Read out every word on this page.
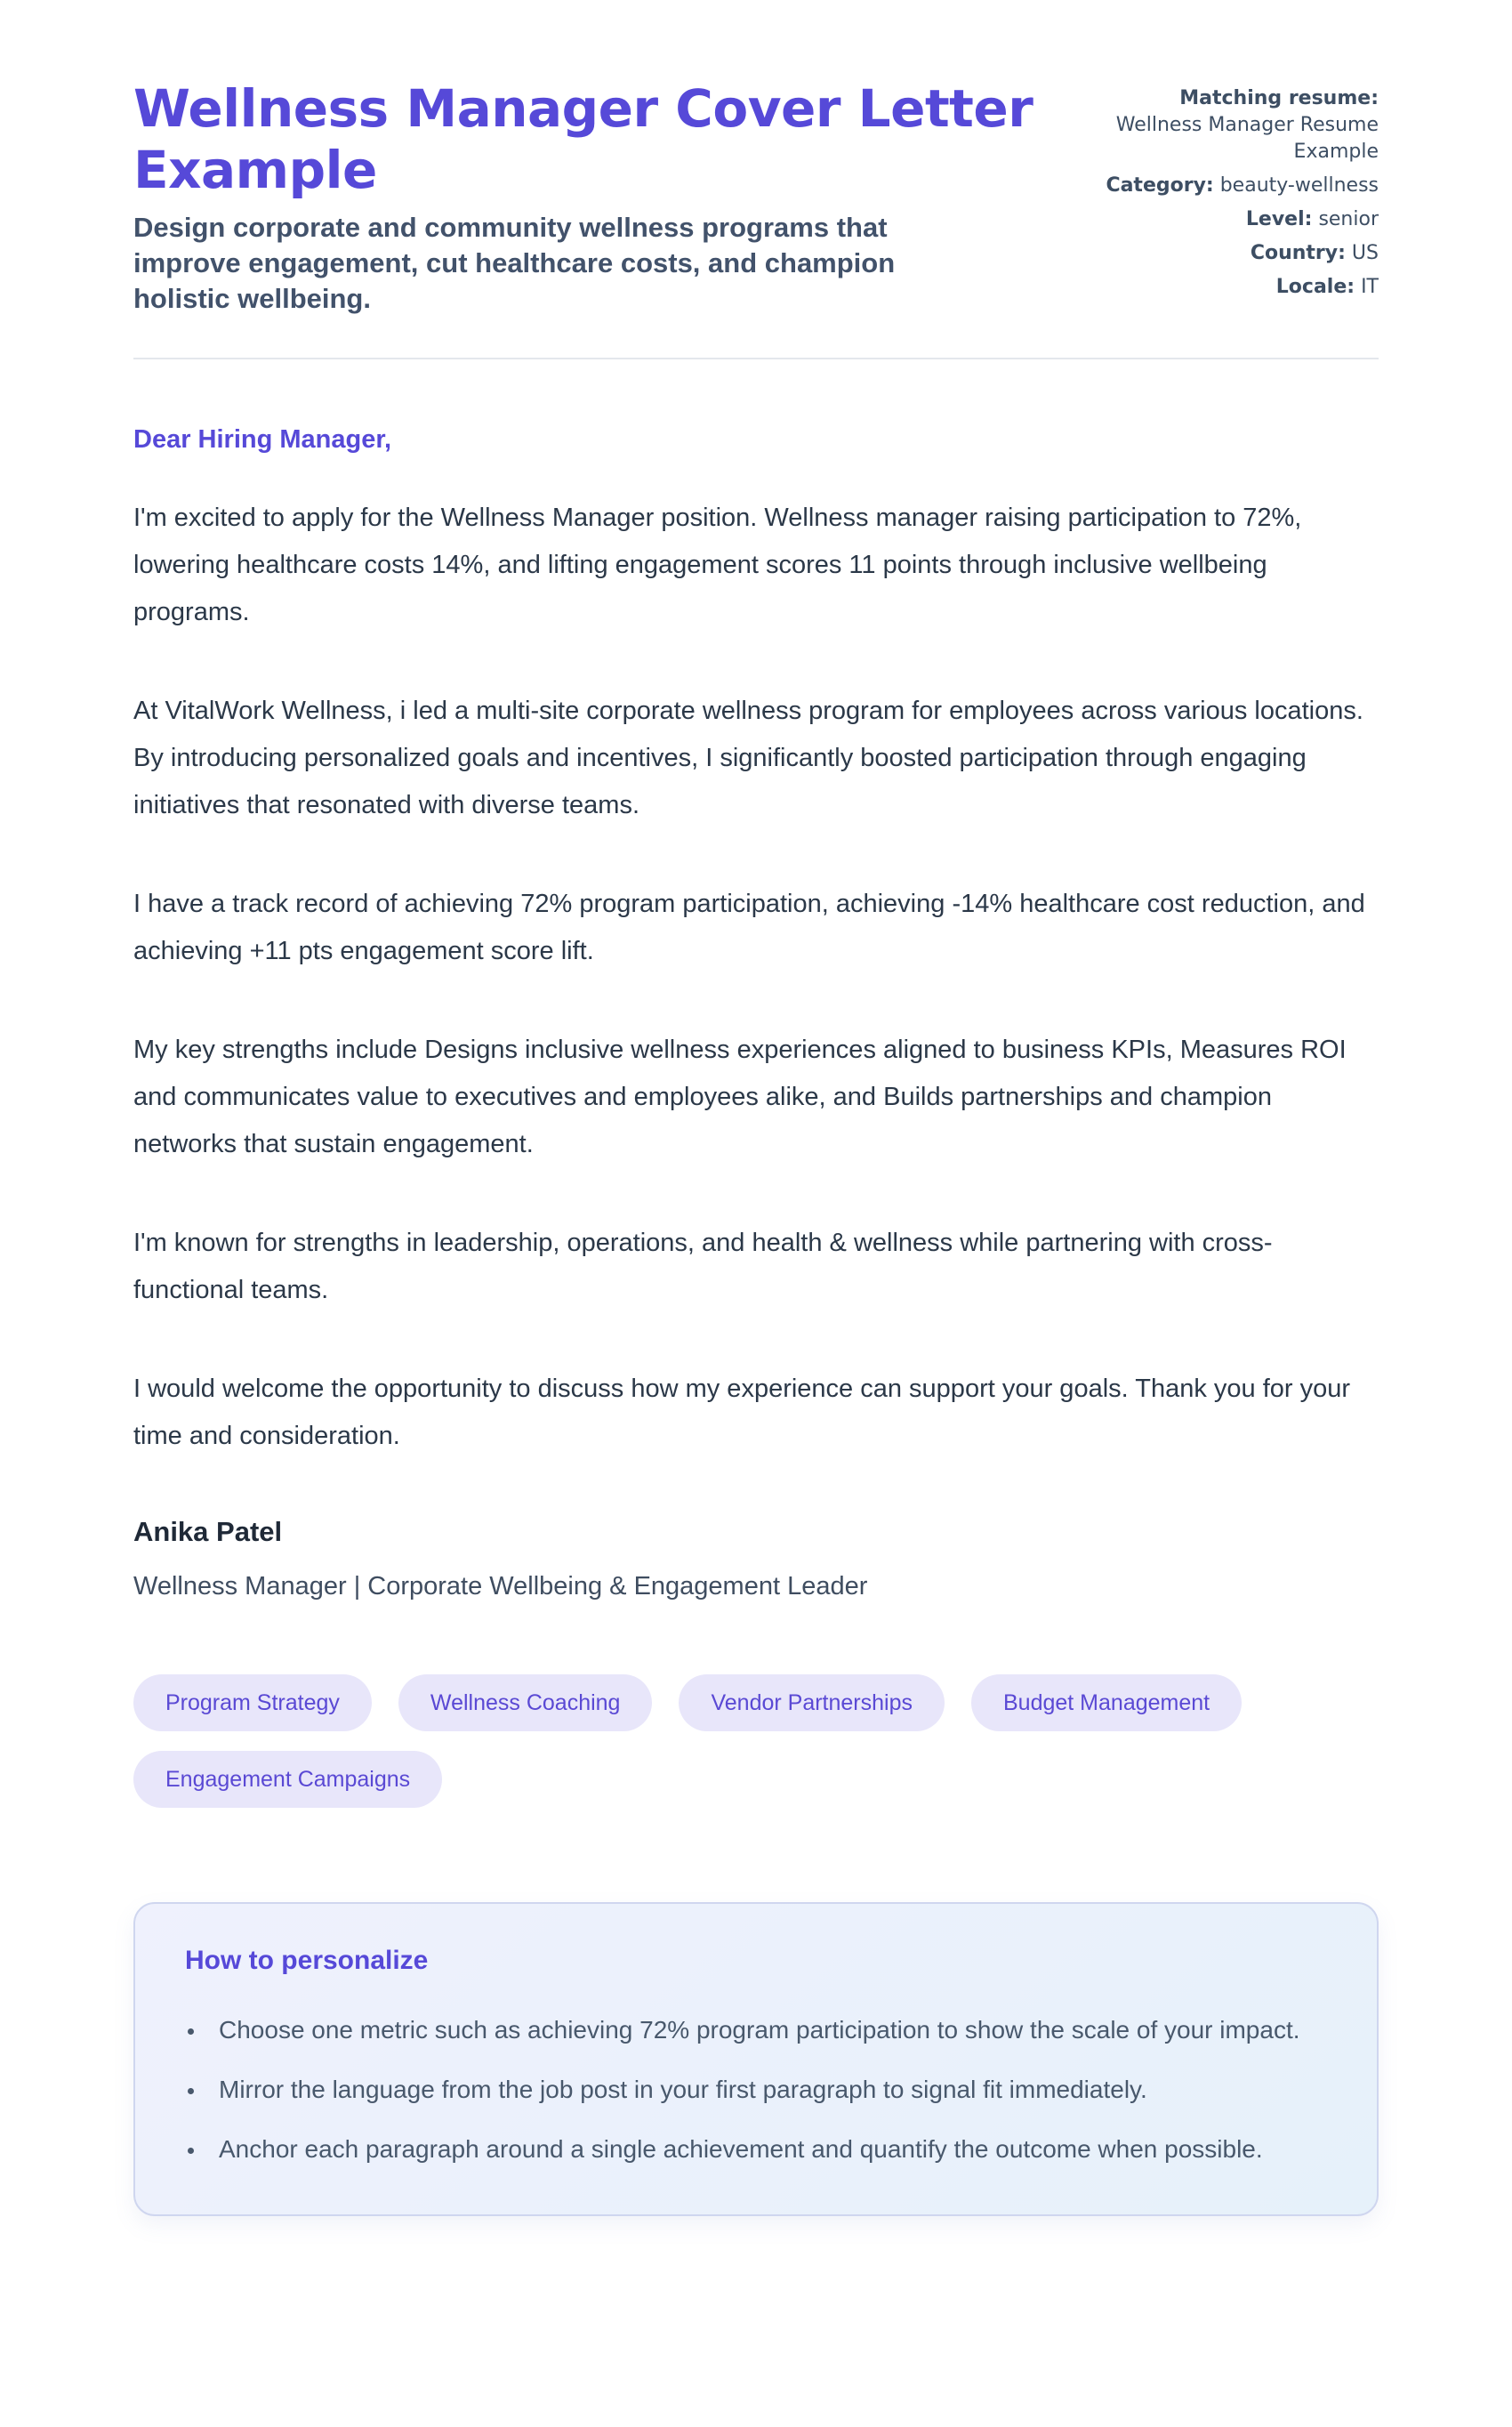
Wellness Manager Cover Letter Example

Design corporate and community wellness programs that improve engagement, cut healthcare costs, and champion holistic wellbeing.

Matching resume: Wellness Manager Resume Example

Category: beauty-wellness

Level: senior

Country: US

Locale: IT

Dear Hiring Manager,

I'm excited to apply for the Wellness Manager position. Wellness manager raising participation to 72%, lowering healthcare costs 14%, and lifting engagement scores 11 points through inclusive wellbeing programs.

At VitalWork Wellness, i led a multi-site corporate wellness program for employees across various locations. By introducing personalized goals and incentives, I significantly boosted participation through engaging initiatives that resonated with diverse teams.

I have a track record of achieving 72% program participation, achieving -14% healthcare cost reduction, and achieving +11 pts engagement score lift.

My key strengths include Designs inclusive wellness experiences aligned to business KPIs, Measures ROI and communicates value to executives and employees alike, and Builds partnerships and champion networks that sustain engagement.

I'm known for strengths in leadership, operations, and health & wellness while partnering with cross-functional teams.

I would welcome the opportunity to discuss how my experience can support your goals. Thank you for your time and consideration.

Anika Patel

Wellness Manager | Corporate Wellbeing & Engagement Leader

Program Strategy	Wellness Coaching	Vendor Partnerships	Budget Management
Engagement Campaigns
How to personalize
• Choose one metric such as achieving 72% program participation to show the scale of your impact.
• Mirror the language from the job post in your first paragraph to signal fit immediately.
• Anchor each paragraph around a single achievement and quantify the outcome when possible.
